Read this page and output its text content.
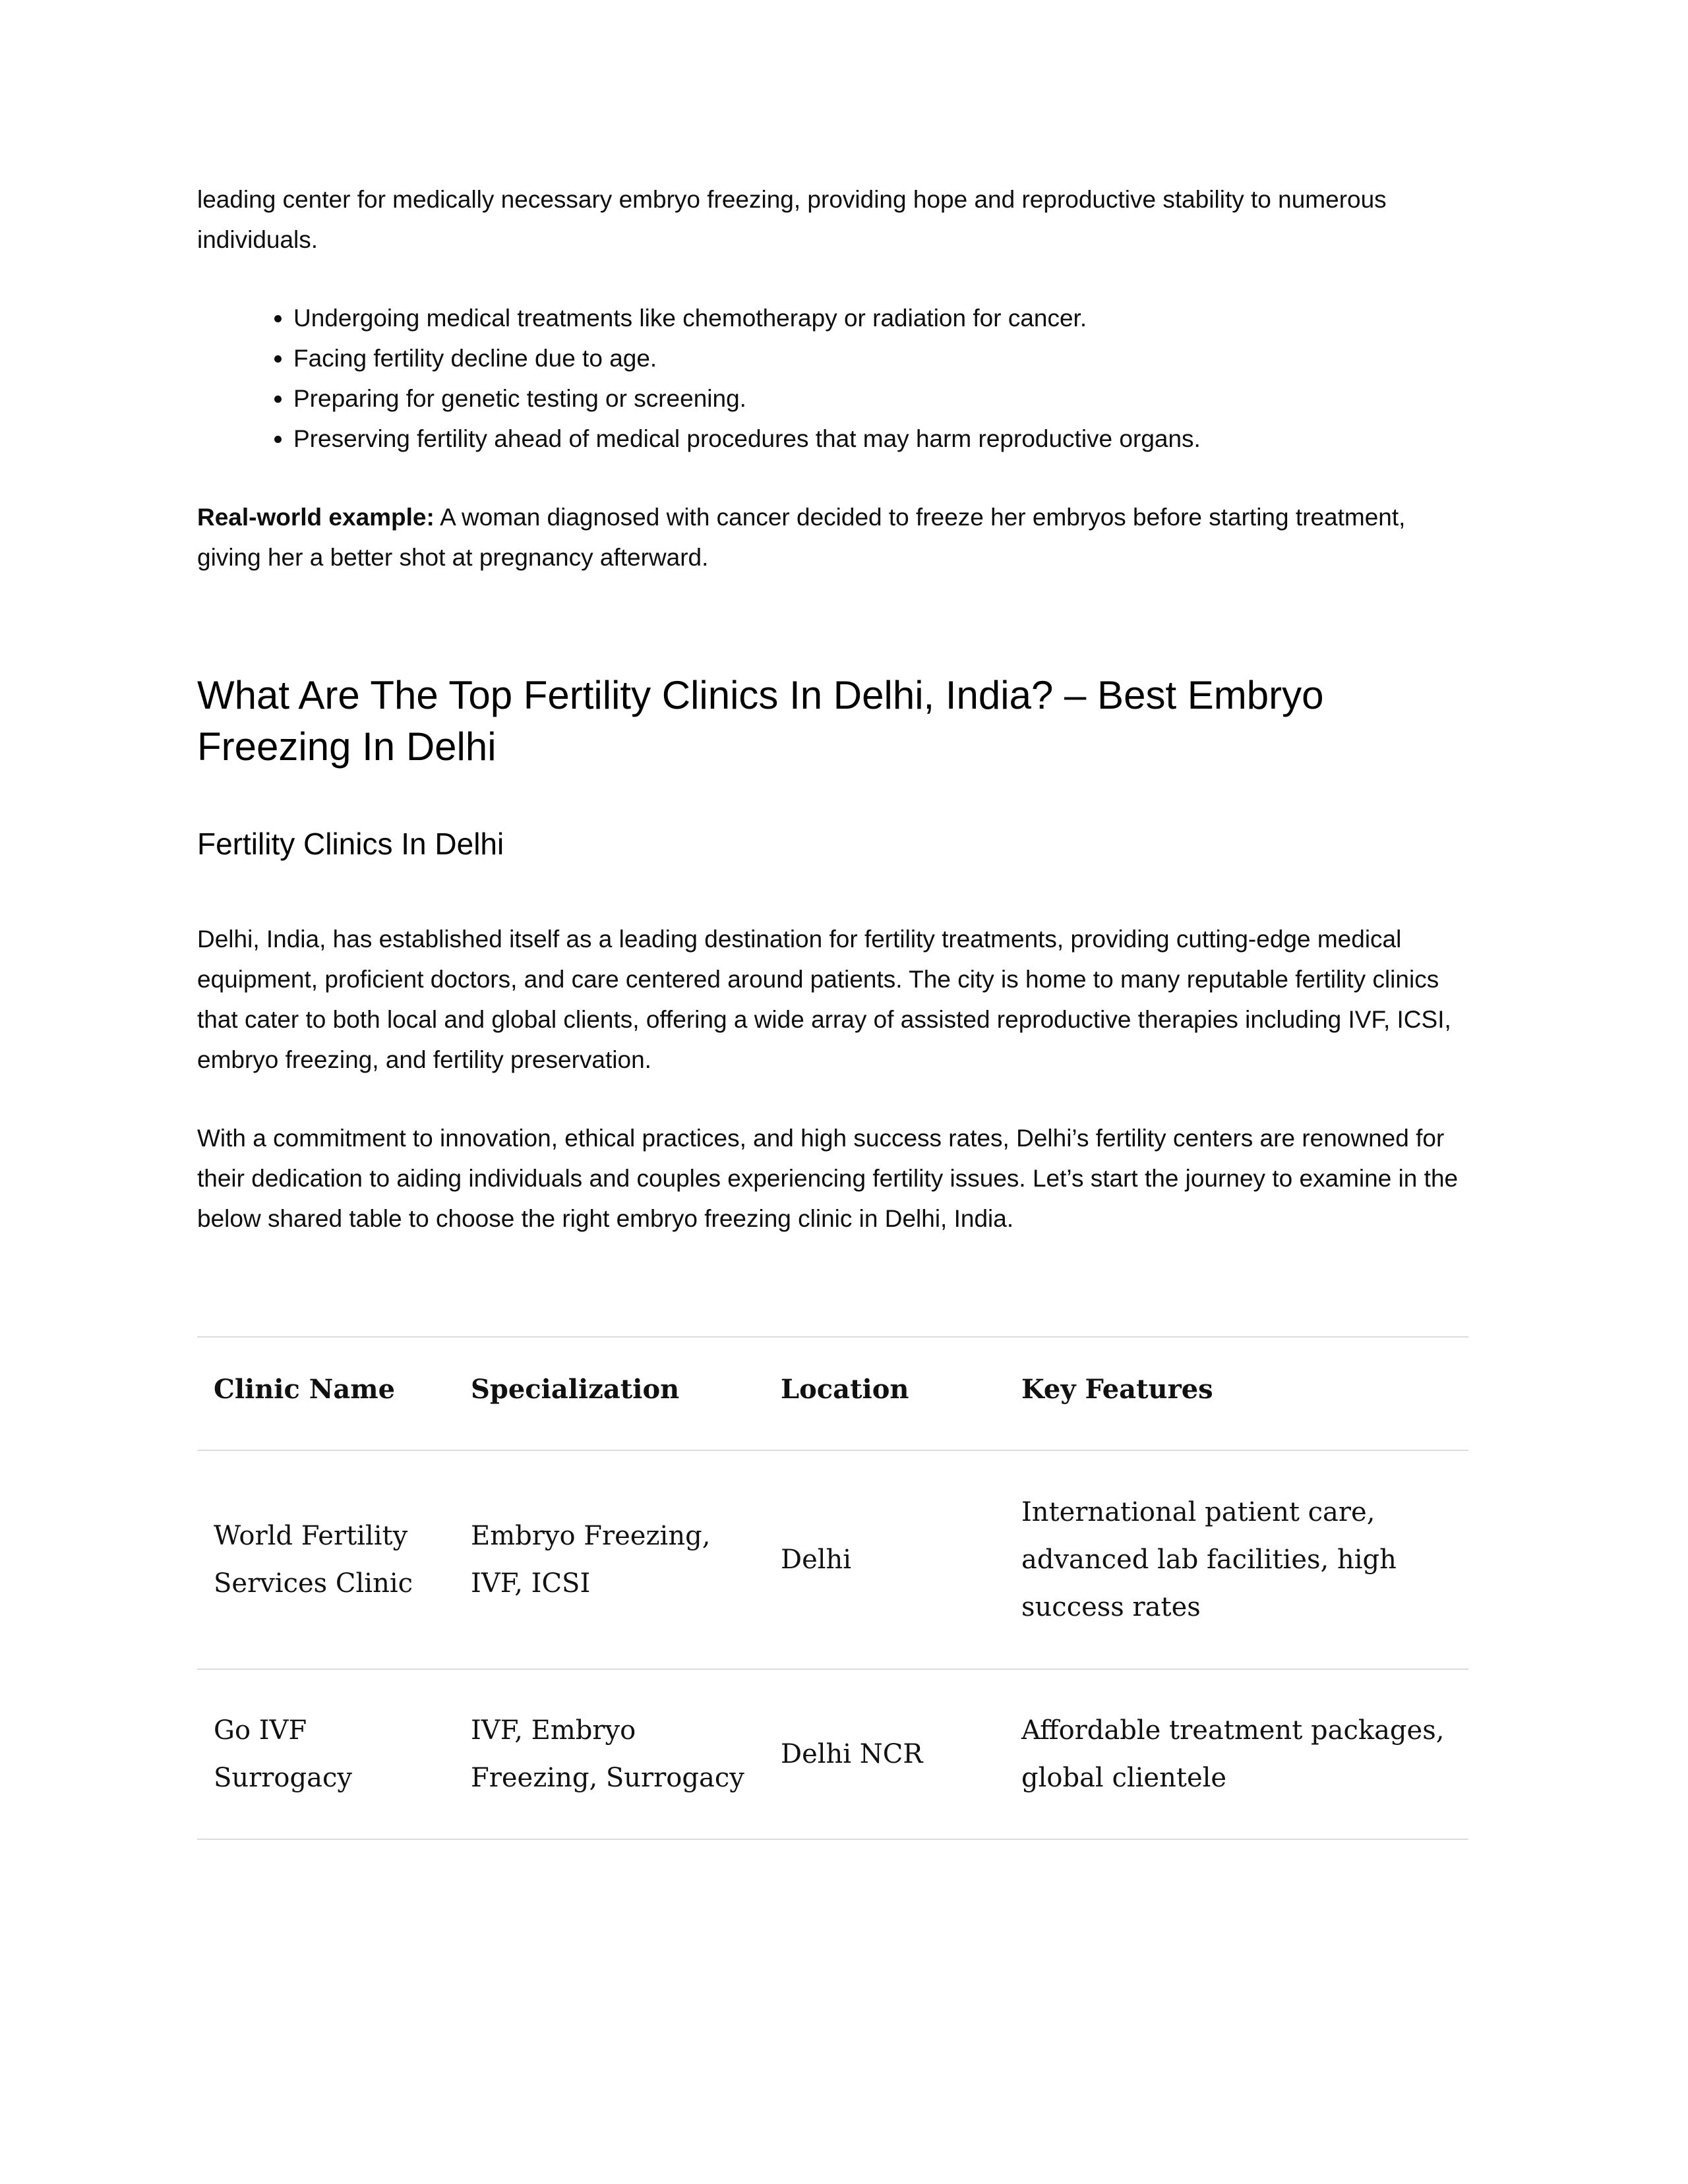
leading center for medically necessary embryo freezing, providing hope and reproductive stability to numerous individuals.

• Undergoing medical treatments like chemotherapy or radiation for cancer.
• Facing fertility decline due to age.
• Preparing for genetic testing or screening.
• Preserving fertility ahead of medical procedures that may harm reproductive organs.

Real-world example: A woman diagnosed with cancer decided to freeze her embryos before starting treatment, giving her a better shot at pregnancy afterward.

What Are The Top Fertility Clinics In Delhi, India? – Best Embryo Freezing In Delhi
Fertility Clinics In Delhi

Delhi, India, has established itself as a leading destination for fertility treatments, providing cutting-edge medical equipment, proficient doctors, and care centered around patients. The city is home to many reputable fertility clinics that cater to both local and global clients, offering a wide array of assisted reproductive therapies including IVF, ICSI, embryo freezing, and fertility preservation.

With a commitment to innovation, ethical practices, and high success rates, Delhi’s fertility centers are renowned for their dedication to aiding individuals and couples experiencing fertility issues. Let’s start the journey to examine in the below shared table to choose the right embryo freezing clinic in Delhi, India.

Clinic Name	Specialization	Location	Key Features
World Fertility Services Clinic	Embryo Freezing, IVF, ICSI	Delhi	International patient care, advanced lab facilities, high success rates
Go IVF Surrogacy	IVF, Embryo Freezing, Surrogacy	Delhi NCR	Affordable treatment packages, global clientele
